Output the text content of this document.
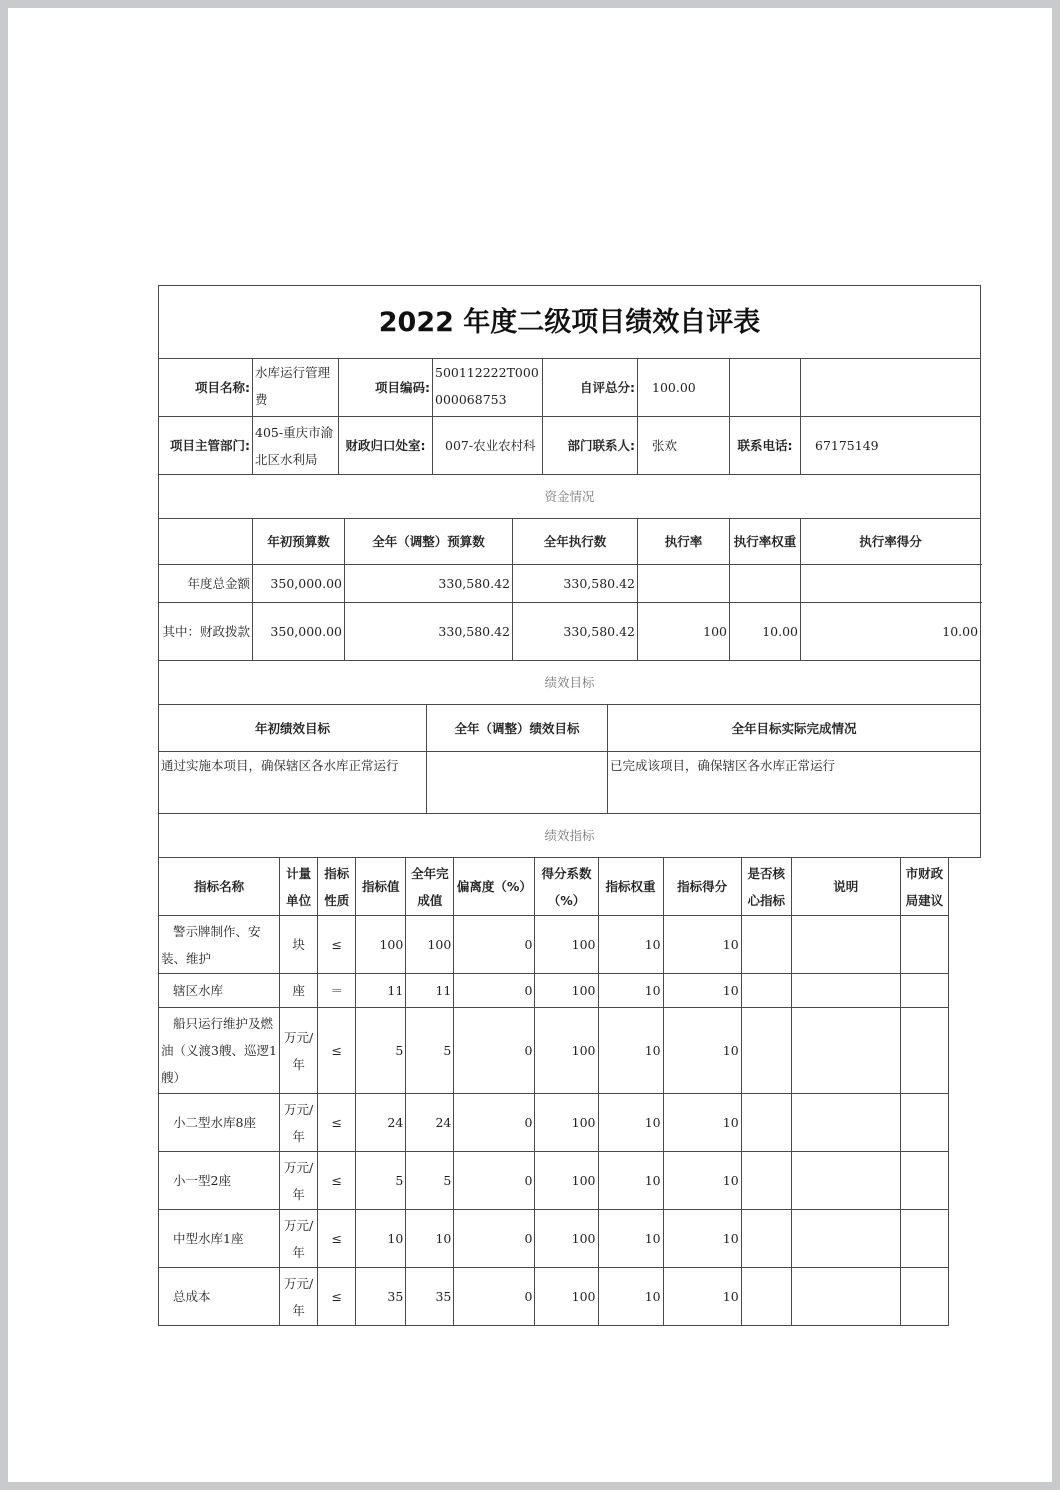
2022 年度二级项目绩效自评表											
项目名称:	水库运行管理费	项目编码:			500112222T000000068753		自评总分:		100.00		
项目主管部门:	405-重庆市渝北区水利局	财政归口处室:			007-农业农村科		部门联系人:		张欢	联系电话:	67175149
资金情况											
	年初预算数		全年（调整）预算数			全年执行数			执行率	执行率权重	执行率得分
年度总金额	350,000.00		330,580.42			330,580.42					
其中：财政拨款	350,000.00		330,580.42			330,580.42			100	10.00	10.00
绩效目标											
年初绩效目标				全年（调整）绩效目标				全年目标实际完成情况			
通过实施本项目，确保辖区各水库正常运行								已完成该项目，确保辖区各水库正常运行			
绩效指标											
指标名称	计量单位	指标性质	指标值	全年完成值	偏离度（%）	得分系数（%）	指标权重	指标得分	是否核心指标	说明	市财政局建议
警示牌制作、安装、维护	块	≤	100	100	0	100	10	10			
辖区水库	座	＝	11	11	0	100	10	10			
船只运行维护及燃油（义渡3艘、巡逻1艘）	万元/年	≤	5	5	0	100	10	10			
小二型水库8座	万元/年	≤	24	24	0	100	10	10			
小一型2座	万元/年	≤	5	5	0	100	10	10			
中型水库1座	万元/年	≤	10	10	0	100	10	10			
总成本	万元/年	≤	35	35	0	100	10	10			
